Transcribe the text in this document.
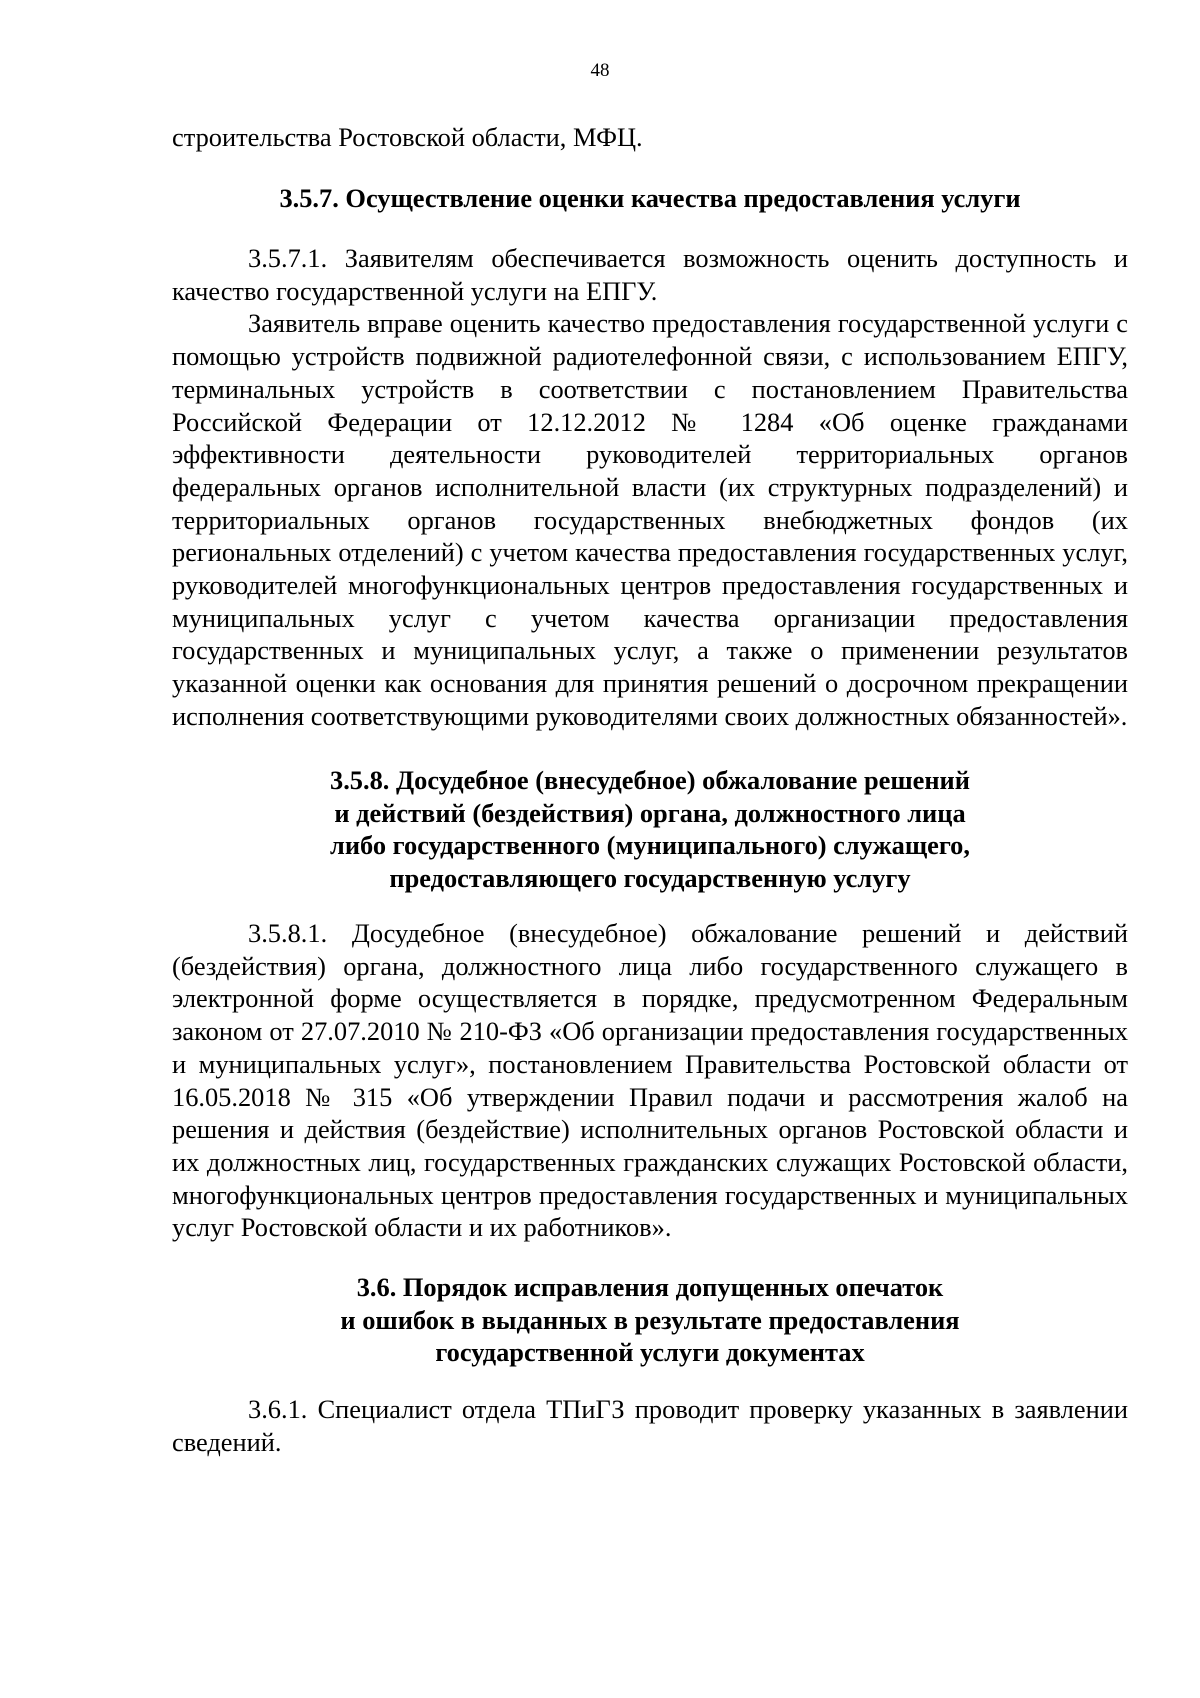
48

строительства Ростовской области, МФЦ.

3.5.7. Осуществление оценки качества предоставления услуги

3.5.7.1. Заявителям обеспечивается возможность оценить доступность и качество государственной услуги на ЕПГУ.

Заявитель вправе оценить качество предоставления государственной услуги с помощью устройств подвижной радиотелефонной связи, с использованием ЕПГУ, терминальных устройств в соответствии с постановлением Правительства Российской Федерации от 12.12.2012 № 1284 «Об оценке гражданами эффективности деятельности руководителей территориальных органов федеральных органов исполнительной власти (их структурных подразделений) и территориальных органов государственных внебюджетных фондов (их региональных отделений) с учетом качества предоставления государственных услуг, руководителей многофункциональных центров предоставления государственных и муниципальных услуг с учетом качества организации предоставления государственных и муниципальных услуг, а также о применении результатов указанной оценки как основания для принятия решений о досрочном прекращении исполнения соответствующими руководителями своих должностных обязанностей».

3.5.8. Досудебное (внесудебное) обжалование решений
и действий (бездействия) органа, должностного лица
либо государственного (муниципального) служащего,
предоставляющего государственную услугу

3.5.8.1. Досудебное (внесудебное) обжалование решений и действий (бездействия) органа, должностного лица либо государственного служащего в электронной форме осуществляется в порядке, предусмотренном Федеральным законом от 27.07.2010 № 210-ФЗ «Об организации предоставления государственных и муниципальных услуг», постановлением Правительства Ростовской области от 16.05.2018 № 315 «Об утверждении Правил подачи и рассмотрения жалоб на решения и действия (бездействие) исполнительных органов Ростовской области и их должностных лиц, государственных гражданских служащих Ростовской области, многофункциональных центров предоставления государственных и муниципальных услуг Ростовской области и их работников».

3.6. Порядок исправления допущенных опечаток
и ошибок в выданных в результате предоставления
государственной услуги документах

3.6.1. Специалист отдела ТПиГЗ проводит проверку указанных в заявлении сведений.
